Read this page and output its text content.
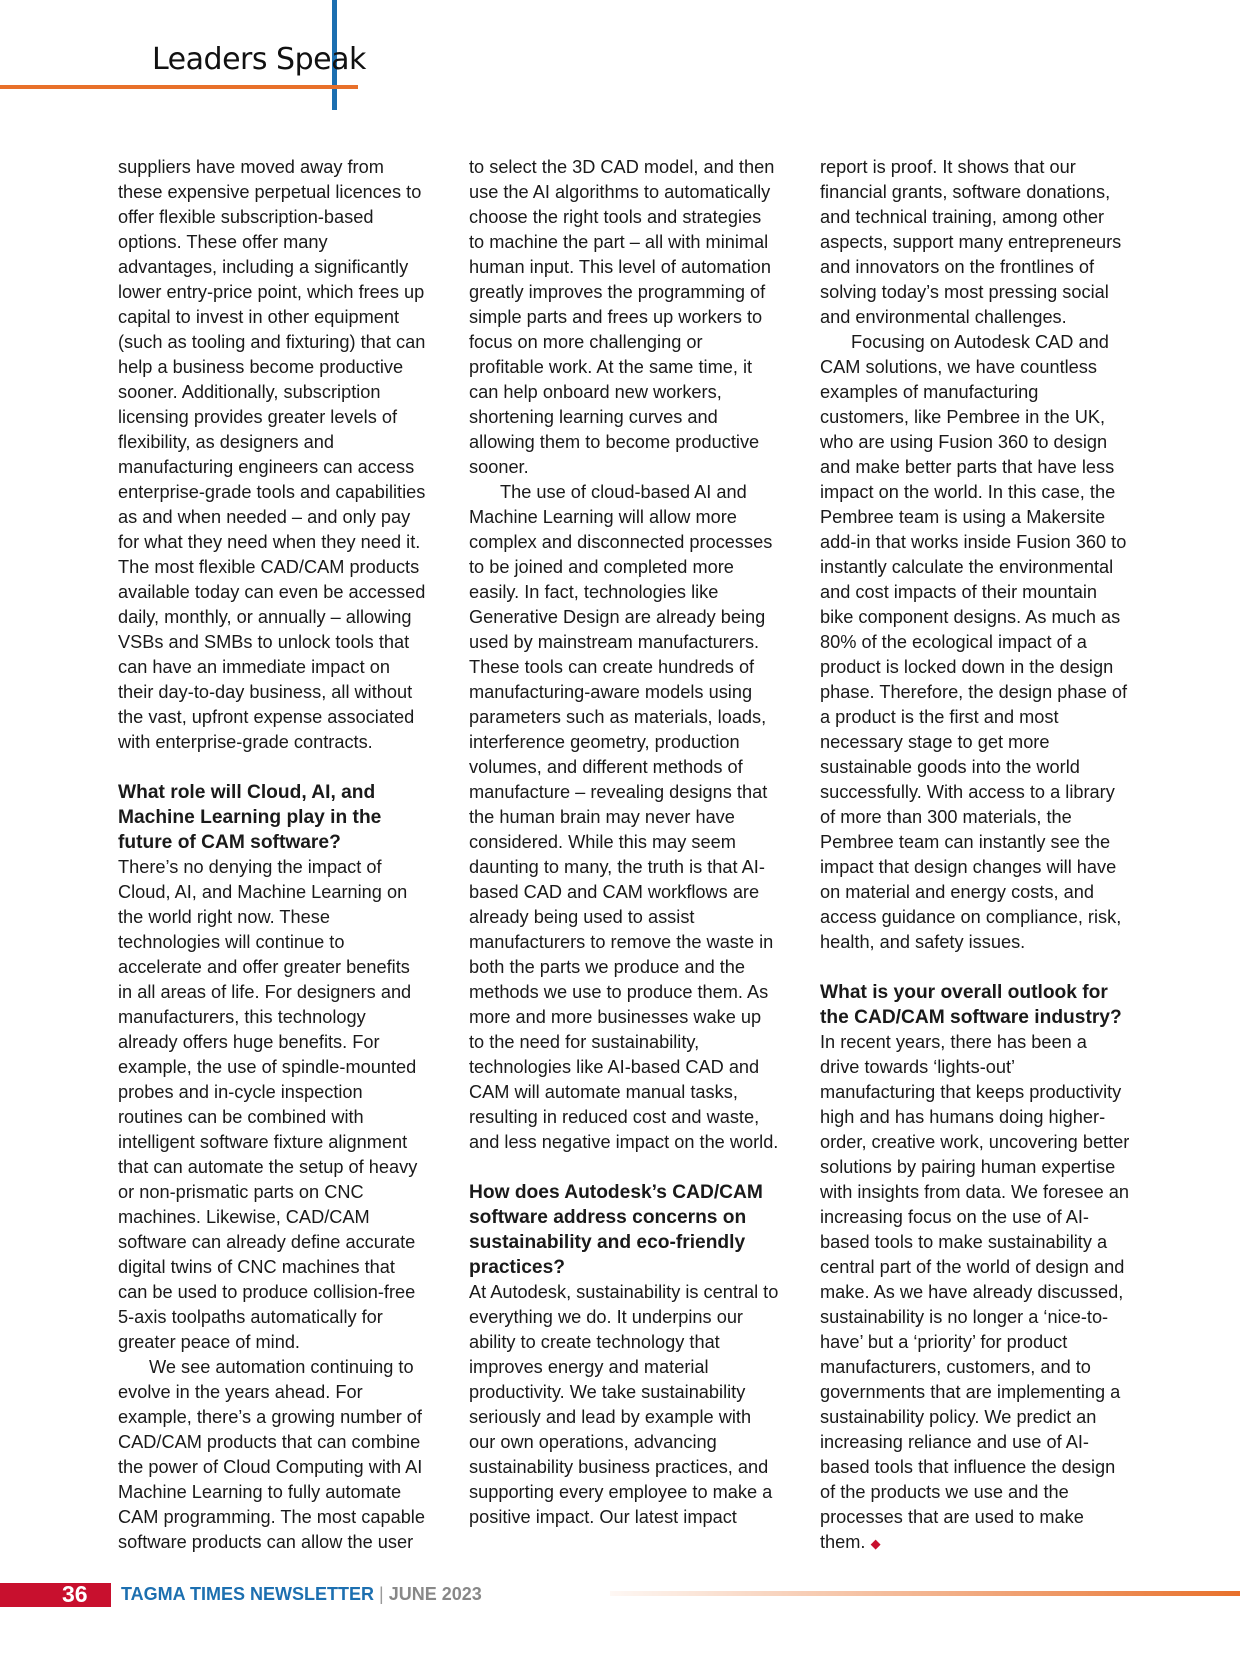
Leaders Speak

suppliers have moved away from these expensive perpetual licences to offer flexible subscription-based options. These offer many advantages, including a significantly lower entry-price point, which frees up capital to invest in other equipment (such as tooling and fixturing) that can help a business become productive sooner. Additionally, subscription licensing provides greater levels of flexibility, as designers and manufacturing engineers can access enterprise-grade tools and capabilities as and when needed – and only pay for what they need when they need it. The most flexible CAD/CAM products available today can even be accessed daily, monthly, or annually – allowing VSBs and SMBs to unlock tools that can have an immediate impact on their day-to-day business, all without the vast, upfront expense associated with enterprise-grade contracts.

What role will Cloud, AI, and Machine Learning play in the future of CAM software?

There’s no denying the impact of Cloud, AI, and Machine Learning on the world right now. These technologies will continue to accelerate and offer greater benefits in all areas of life. For designers and manufacturers, this technology already offers huge benefits. For example, the use of spindle-mounted probes and in-cycle inspection routines can be combined with intelligent software fixture alignment that can automate the setup of heavy or non-prismatic parts on CNC machines. Likewise, CAD/CAM software can already define accurate digital twins of CNC machines that can be used to produce collision-free 5-axis toolpaths automatically for greater peace of mind.

We see automation continuing to evolve in the years ahead. For example, there’s a growing number of CAD/CAM products that can combine the power of Cloud Computing with AI Machine Learning to fully automate CAM programming. The most capable software products can allow the user

to select the 3D CAD model, and then use the AI algorithms to automatically choose the right tools and strategies to machine the part – all with minimal human input. This level of automation greatly improves the programming of simple parts and frees up workers to focus on more challenging or profitable work. At the same time, it can help onboard new workers, shortening learning curves and allowing them to become productive sooner.

The use of cloud-based AI and Machine Learning will allow more complex and disconnected processes to be joined and completed more easily. In fact, technologies like Generative Design are already being used by mainstream manufacturers. These tools can create hundreds of manufacturing-aware models using parameters such as materials, loads, interference geometry, production volumes, and different methods of manufacture – revealing designs that the human brain may never have considered. While this may seem daunting to many, the truth is that AI-based CAD and CAM workflows are already being used to assist manufacturers to remove the waste in both the parts we produce and the methods we use to produce them. As more and more businesses wake up to the need for sustainability, technologies like AI-based CAD and CAM will automate manual tasks, resulting in reduced cost and waste, and less negative impact on the world.

How does Autodesk’s CAD/CAM software address concerns on sustainability and eco-friendly practices?

At Autodesk, sustainability is central to everything we do. It underpins our ability to create technology that improves energy and material productivity. We take sustainability seriously and lead by example with our own operations, advancing sustainability business practices, and supporting every employee to make a positive impact. Our latest impact

report is proof. It shows that our financial grants, software donations, and technical training, among other aspects, support many entrepreneurs and innovators on the frontlines of solving today’s most pressing social and environmental challenges.

Focusing on Autodesk CAD and CAM solutions, we have countless examples of manufacturing customers, like Pembree in the UK, who are using Fusion 360 to design and make better parts that have less impact on the world. In this case, the Pembree team is using a Makersite add-in that works inside Fusion 360 to instantly calculate the environmental and cost impacts of their mountain bike component designs. As much as 80% of the ecological impact of a product is locked down in the design phase. Therefore, the design phase of a product is the first and most necessary stage to get more sustainable goods into the world successfully. With access to a library of more than 300 materials, the Pembree team can instantly see the impact that design changes will have on material and energy costs, and access guidance on compliance, risk, health, and safety issues.

What is your overall outlook for the CAD/CAM software industry?

In recent years, there has been a drive towards ‘lights-out’ manufacturing that keeps productivity high and has humans doing higher-order, creative work, uncovering better solutions by pairing human expertise with insights from data. We foresee an increasing focus on the use of AI-based tools to make sustainability a central part of the world of design and make. As we have already discussed, sustainability is no longer a ‘nice-to-have’ but a ‘priority’ for product manufacturers, customers, and to governments that are implementing a sustainability policy. We predict an increasing reliance and use of AI-based tools that influence the design of the products we use and the processes that are used to make them. ◆

36 TAGMA TIMES NEWSLETTER | JUNE 2023
